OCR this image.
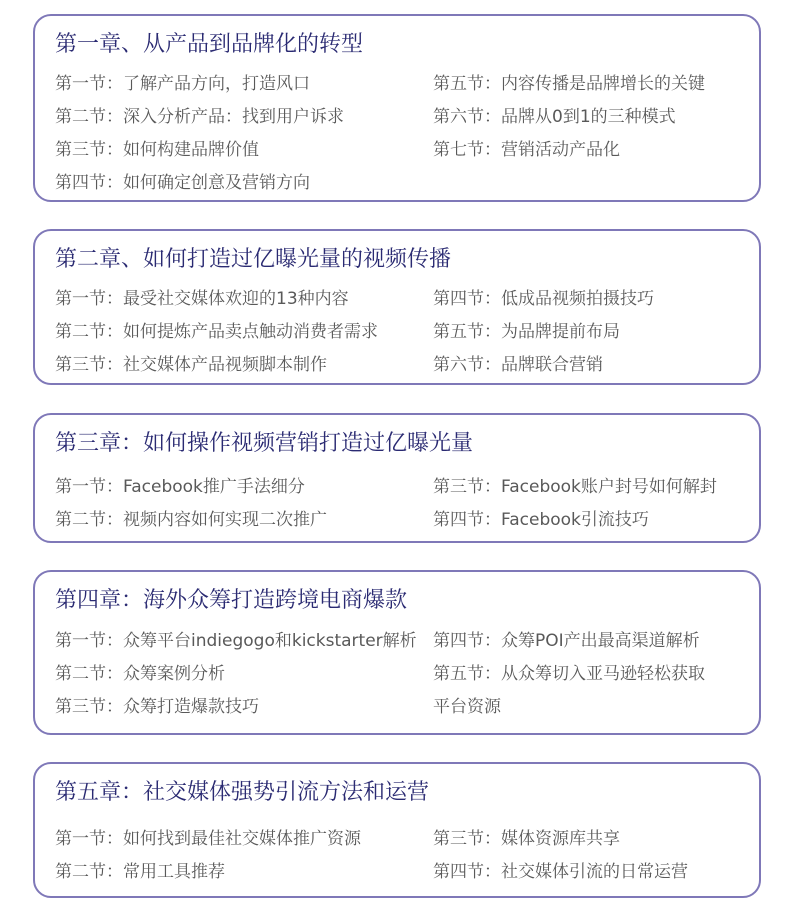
第一章、从产品到品牌化的转型
第一节：了解产品方向，打造风口
第二节：深入分析产品：找到用户诉求
第三节：如何构建品牌价值
第四节：如何确定创意及营销方向
第五节：内容传播是品牌增长的关键
第六节：品牌从0到1的三种模式
第七节：营销活动产品化
第二章、如何打造过亿曝光量的视频传播
第一节：最受社交媒体欢迎的13种内容
第二节：如何提炼产品卖点触动消费者需求
第三节：社交媒体产品视频脚本制作
第四节：低成品视频拍摄技巧
第五节：为品牌提前布局
第六节：品牌联合营销
第三章：如何操作视频营销打造过亿曝光量
第一节：Facebook推广手法细分
第二节：视频内容如何实现二次推广
第三节：Facebook账户封号如何解封
第四节：Facebook引流技巧
第四章：海外众筹打造跨境电商爆款
第一节：众筹平台indiegogo和kickstarter解析
第二节：众筹案例分析
第三节：众筹打造爆款技巧
第四节：众筹POI产出最高渠道解析
第五节：从众筹切入亚马逊轻松获取
平台资源
第五章：社交媒体强势引流方法和运营
第一节：如何找到最佳社交媒体推广资源
第二节：常用工具推荐
第三节：媒体资源库共享
第四节：社交媒体引流的日常运营
